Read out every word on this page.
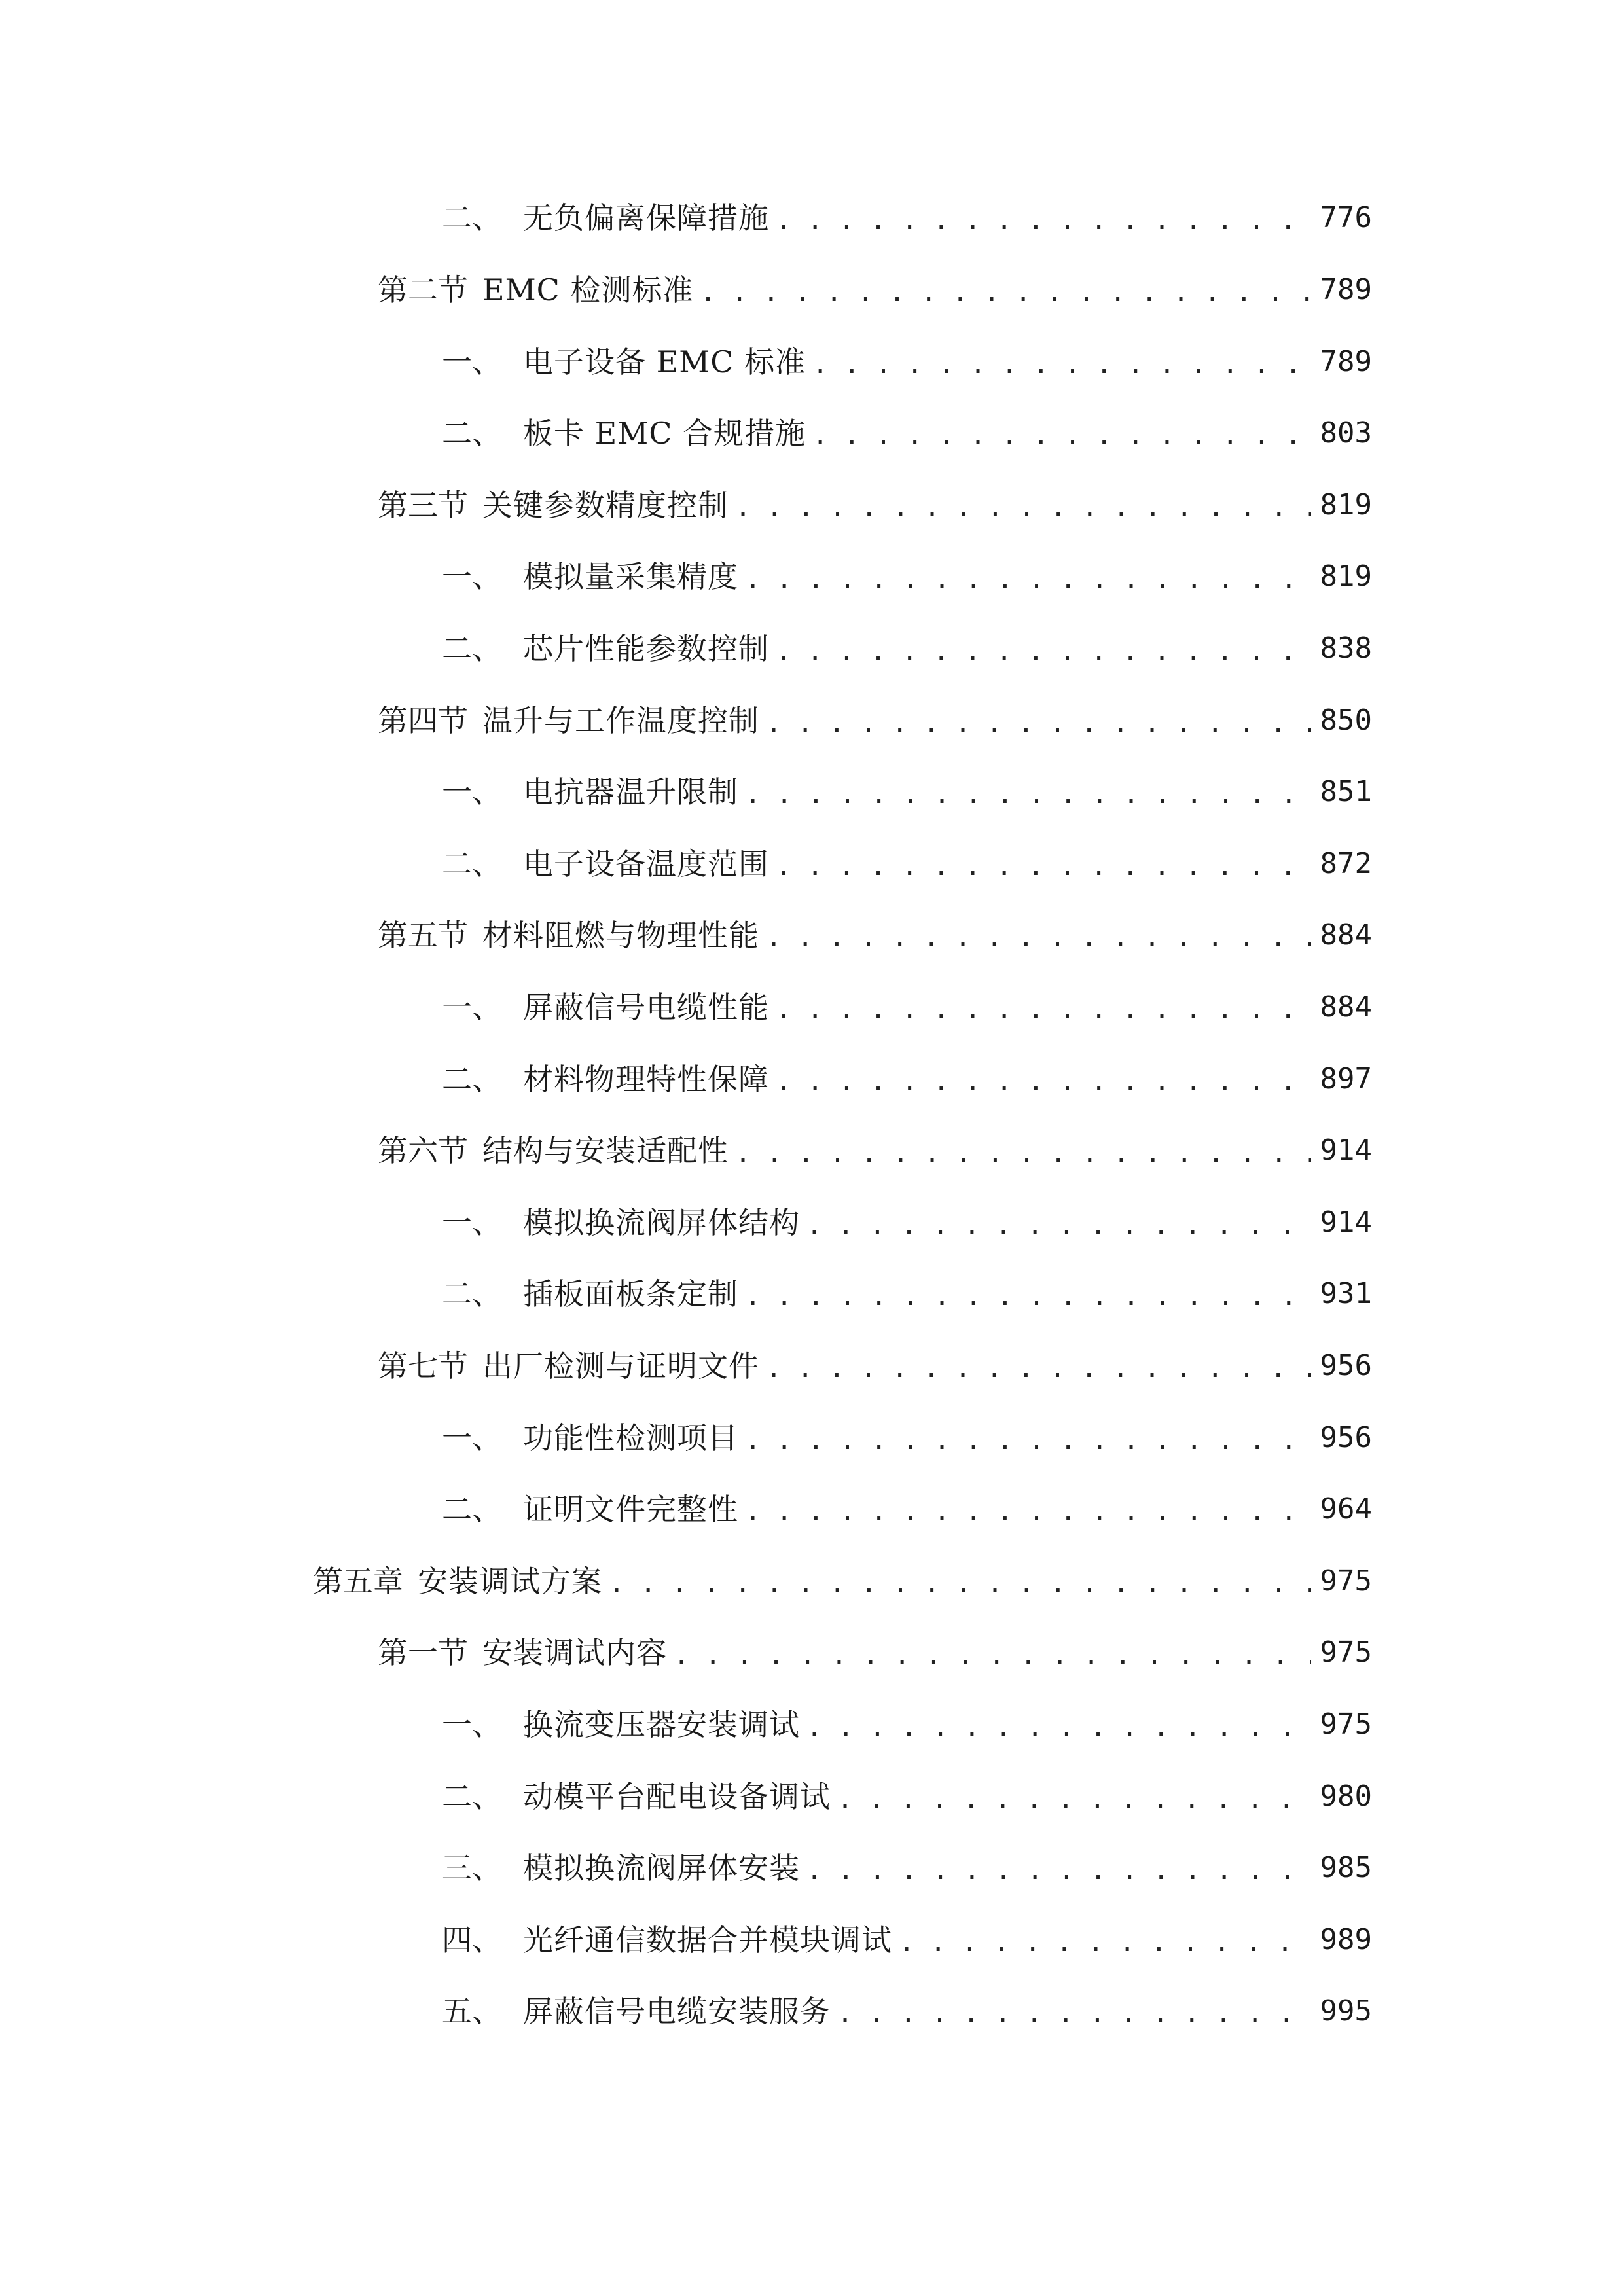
二、 无负偏离保障措施 . . .	776
第二节 EMC 检测标准 . . .	789
一、 电子设备 EMC 标准 . . .	789
二、 板卡 EMC 合规措施 . . .	803
第三节 关键参数精度控制 . . .	819
一、 模拟量采集精度 . . .	819
二、 芯片性能参数控制 . . .	838
第四节 温升与工作温度控制 . . .	850
一、 电抗器温升限制 . . .	851
二、 电子设备温度范围 . . .	872
第五节 材料阻燃与物理性能 . . .	884
一、 屏蔽信号电缆性能 . . .	884
二、 材料物理特性保障 . . .	897
第六节 结构与安装适配性 . . .	914
一、 模拟换流阀屏体结构 . . .	914
二、 插板面板条定制 . . .	931
第七节 出厂检测与证明文件 . . .	956
一、 功能性检测项目 . . .	956
二、 证明文件完整性 . . .	964
第五章 安装调试方案 . . .	975
第一节 安装调试内容 . . .	975
一、 换流变压器安装调试 . . .	975
二、 动模平台配电设备调试 . . .	980
三、 模拟换流阀屏体安装 . . .	985
四、 光纤通信数据合并模块调试 . . .	989
五、 屏蔽信号电缆安装服务 . . .	995
